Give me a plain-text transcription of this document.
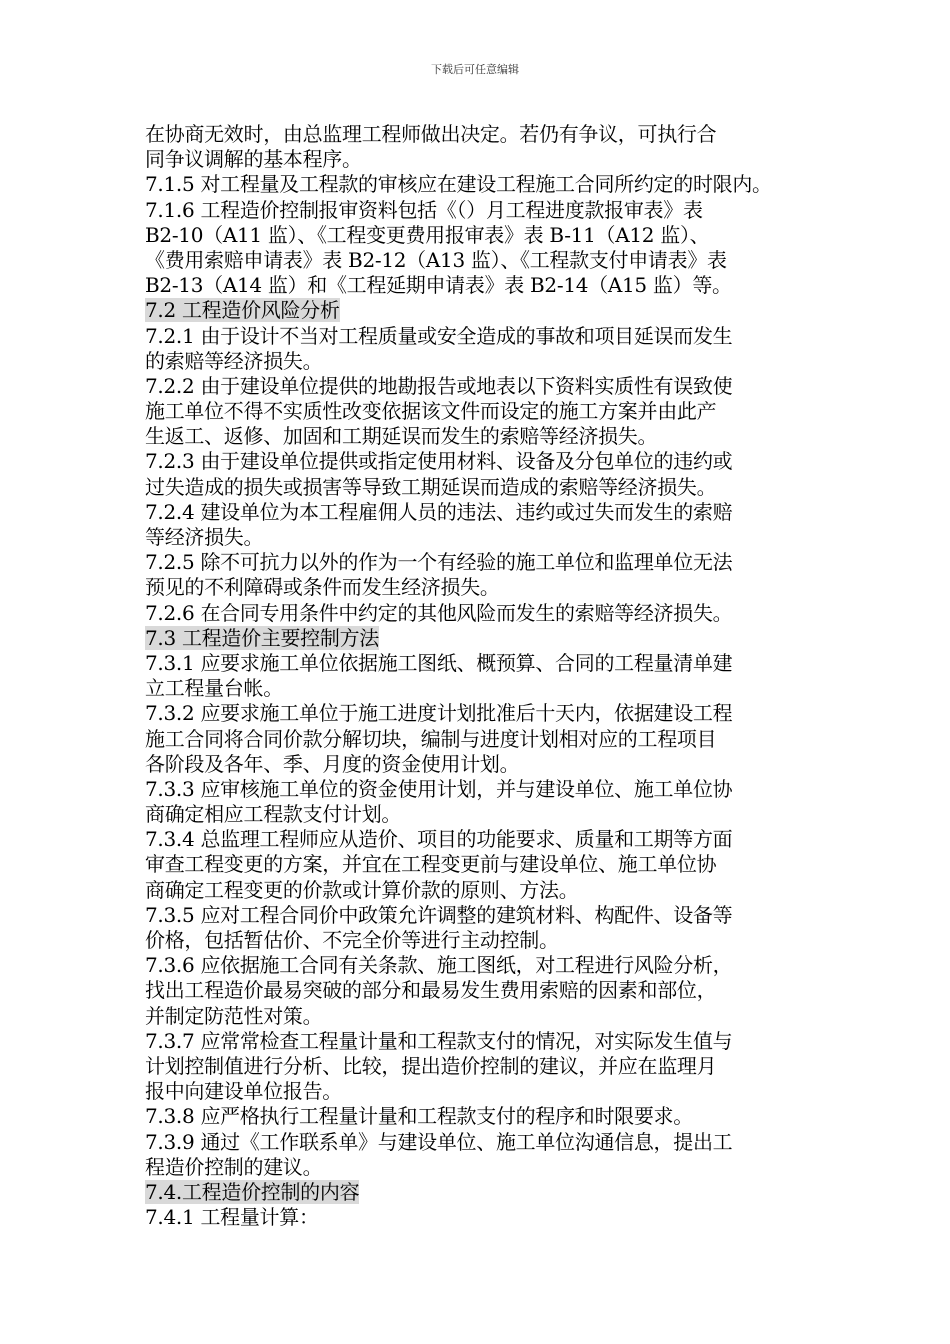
下载后可任意编辑
在协商无效时，由总监理工程师做出决定。若仍有争议，可执行合
同争议调解的基本程序。
7.1.5 对工程量及工程款的审核应在建设工程施工合同所约定的时限内。
7.1.6 工程造价控制报审资料包括《（）月工程进度款报审表》表
B2-10（A11 监）、《工程变更费用报审表》表 B-11（A12 监）、
《费用索赔申请表》表 B2-12（A13 监）、《工程款支付申请表》表
B2-13（A14 监）和《工程延期申请表》表 B2-14（A15 监）等。
7.2 工程造价风险分析
7.2.1 由于设计不当对工程质量或安全造成的事故和项目延误而发生
的索赔等经济损失。
7.2.2 由于建设单位提供的地勘报告或地表以下资料实质性有误致使
施工单位不得不实质性改变依据该文件而设定的施工方案并由此产
生返工、返修、加固和工期延误而发生的索赔等经济损失。
7.2.3 由于建设单位提供或指定使用材料、设备及分包单位的违约或
过失造成的损失或损害等导致工期延误而造成的索赔等经济损失。
7.2.4 建设单位为本工程雇佣人员的违法、违约或过失而发生的索赔
等经济损失。
7.2.5 除不可抗力以外的作为一个有经验的施工单位和监理单位无法
预见的不利障碍或条件而发生经济损失。
7.2.6 在合同专用条件中约定的其他风险而发生的索赔等经济损失。
7.3 工程造价主要控制方法
7.3.1 应要求施工单位依据施工图纸、概预算、合同的工程量清单建
立工程量台帐。
7.3.2 应要求施工单位于施工进度计划批准后十天内，依据建设工程
施工合同将合同价款分解切块，编制与进度计划相对应的工程项目
各阶段及各年、季、月度的资金使用计划。
7.3.3 应审核施工单位的资金使用计划，并与建设单位、施工单位协
商确定相应工程款支付计划。
7.3.4 总监理工程师应从造价、项目的功能要求、质量和工期等方面
审查工程变更的方案，并宜在工程变更前与建设单位、施工单位协
商确定工程变更的价款或计算价款的原则、方法。
7.3.5 应对工程合同价中政策允许调整的建筑材料、构配件、设备等
价格，包括暂估价、不完全价等进行主动控制。
7.3.6 应依据施工合同有关条款、施工图纸，对工程进行风险分析，
找出工程造价最易突破的部分和最易发生费用索赔的因素和部位，
并制定防范性对策。
7.3.7 应常常检查工程量计量和工程款支付的情况，对实际发生值与
计划控制值进行分析、比较，提出造价控制的建议，并应在监理月
报中向建设单位报告。
7.3.8 应严格执行工程量计量和工程款支付的程序和时限要求。
7.3.9 通过《工作联系单》与建设单位、施工单位沟通信息，提出工
程造价控制的建议。
7.4.工程造价控制的内容
7.4.1 工程量计算：
